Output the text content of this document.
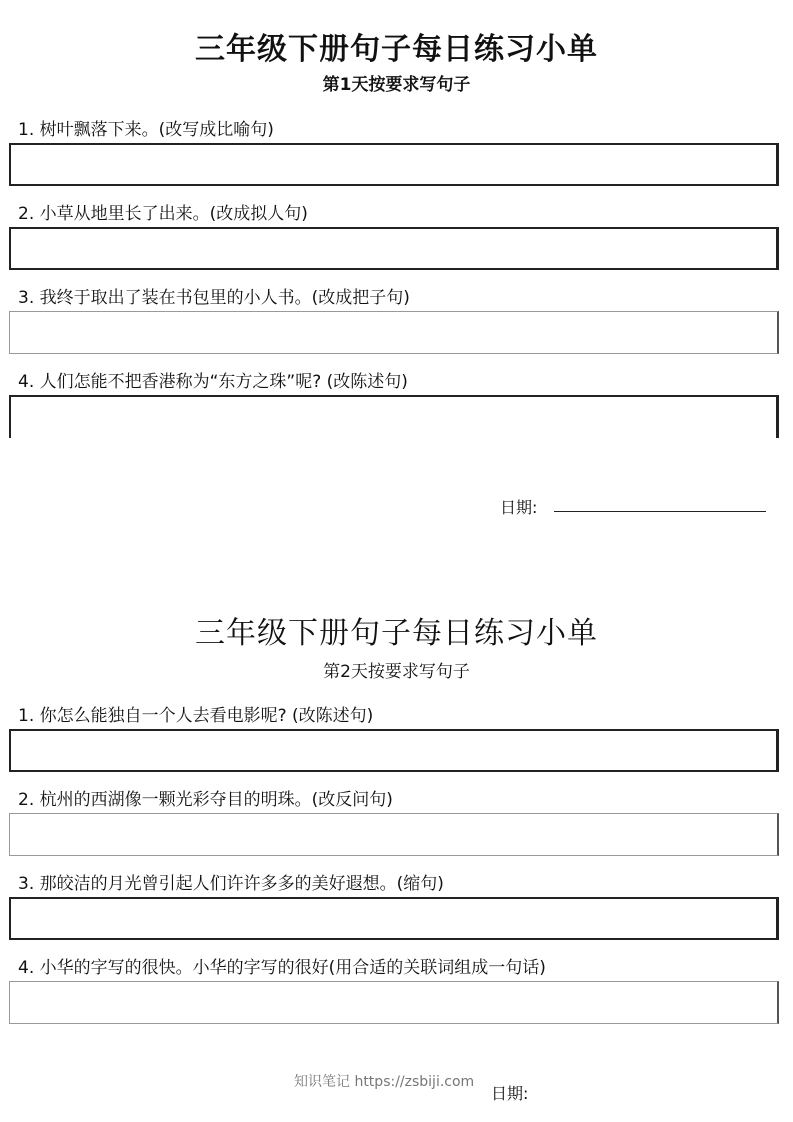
三年级下册句子每日练习小单
第1天按要求写句子
1. 树叶飘落下来。(改写成比喻句)
2. 小草从地里长了出来。(改成拟人句)
3. 我终于取出了装在书包里的小人书。(改成把子句)
4. 人们怎能不把香港称为“东方之珠”呢? (改陈述句)
日期:
三年级下册句子每日练习小单
第2天按要求写句子
1. 你怎么能独自一个人去看电影呢? (改陈述句)
2. 杭州的西湖像一颗光彩夺目的明珠。(改反问句)
3. 那皎洁的月光曾引起人们许许多多的美好遐想。(缩句)
4. 小华的字写的很快。小华的字写的很好(用合适的关联词组成一句话)
知识笔记 https://zsbiji.com
日期:
